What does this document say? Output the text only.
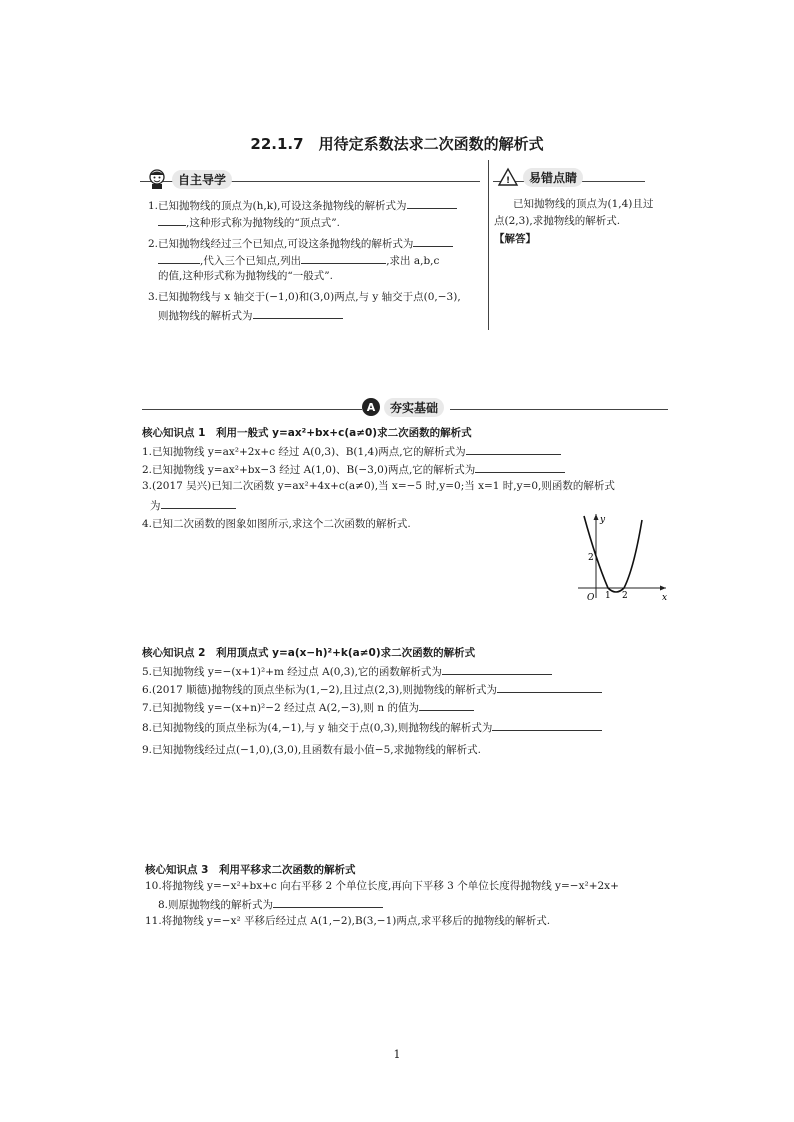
22.1.7　用待定系数法求二次函数的解析式
自主导学
1.已知抛物线的顶点为(h,k),可设这条抛物线的解析式为
,这种形式称为抛物线的“顶点式”.
2.已知抛物线经过三个已知点,可设这条抛物线的解析式为
,代入三个已知点,列出	,求出 a,b,c
的值,这种形式称为抛物线的“一般式”.
3.已知抛物线与 x 轴交于(−1,0)和(3,0)两点,与 y 轴交于点(0,−3),
则抛物线的解析式为
!	易错点睛
已知抛物线的顶点为(1,4)且过
点(2,3),求抛物线的解析式.
【解答】
A	夯实基础
核心知识点 1　利用一般式 y=ax²+bx+c(a≠0)求二次函数的解析式
1.已知抛物线 y=ax²+2x+c 经过 A(0,3)、B(1,4)两点,它的解析式为
2.已知抛物线 y=ax²+bx−3 经过 A(1,0)、B(−3,0)两点,它的解析式为
3.(2017 吴兴)已知二次函数 y=ax²+4x+c(a≠0),当 x=−5 时,y=0;当 x=1 时,y=0,则函数的解析式
为
4.已知二次函数的图象如图所示,求这个二次函数的解析式.	y
x
O
2
1 2
核心知识点 2　利用顶点式 y=a(x−h)²+k(a≠0)求二次函数的解析式
5.已知抛物线 y=−(x+1)²+m 经过点 A(0,3),它的函数解析式为
6.(2017 顺德)抛物线的顶点坐标为(1,−2),且过点(2,3),则抛物线的解析式为
7.已知抛物线 y=−(x+n)²−2 经过点 A(2,−3),则 n 的值为
8.已知抛物线的顶点坐标为(4,−1),与 y 轴交于点(0,3),则抛物线的解析式为
9.已知抛物线经过点(−1,0),(3,0),且函数有最小值−5,求抛物线的解析式.
核心知识点 3　利用平移求二次函数的解析式
10.将抛物线 y=−x²+bx+c 向右平移 2 个单位长度,再向下平移 3 个单位长度得抛物线 y=−x²+2x+
8.则原抛物线的解析式为
11.将抛物线 y=−x² 平移后经过点 A(1,−2),B(3,−1)两点,求平移后的抛物线的解析式.
1
